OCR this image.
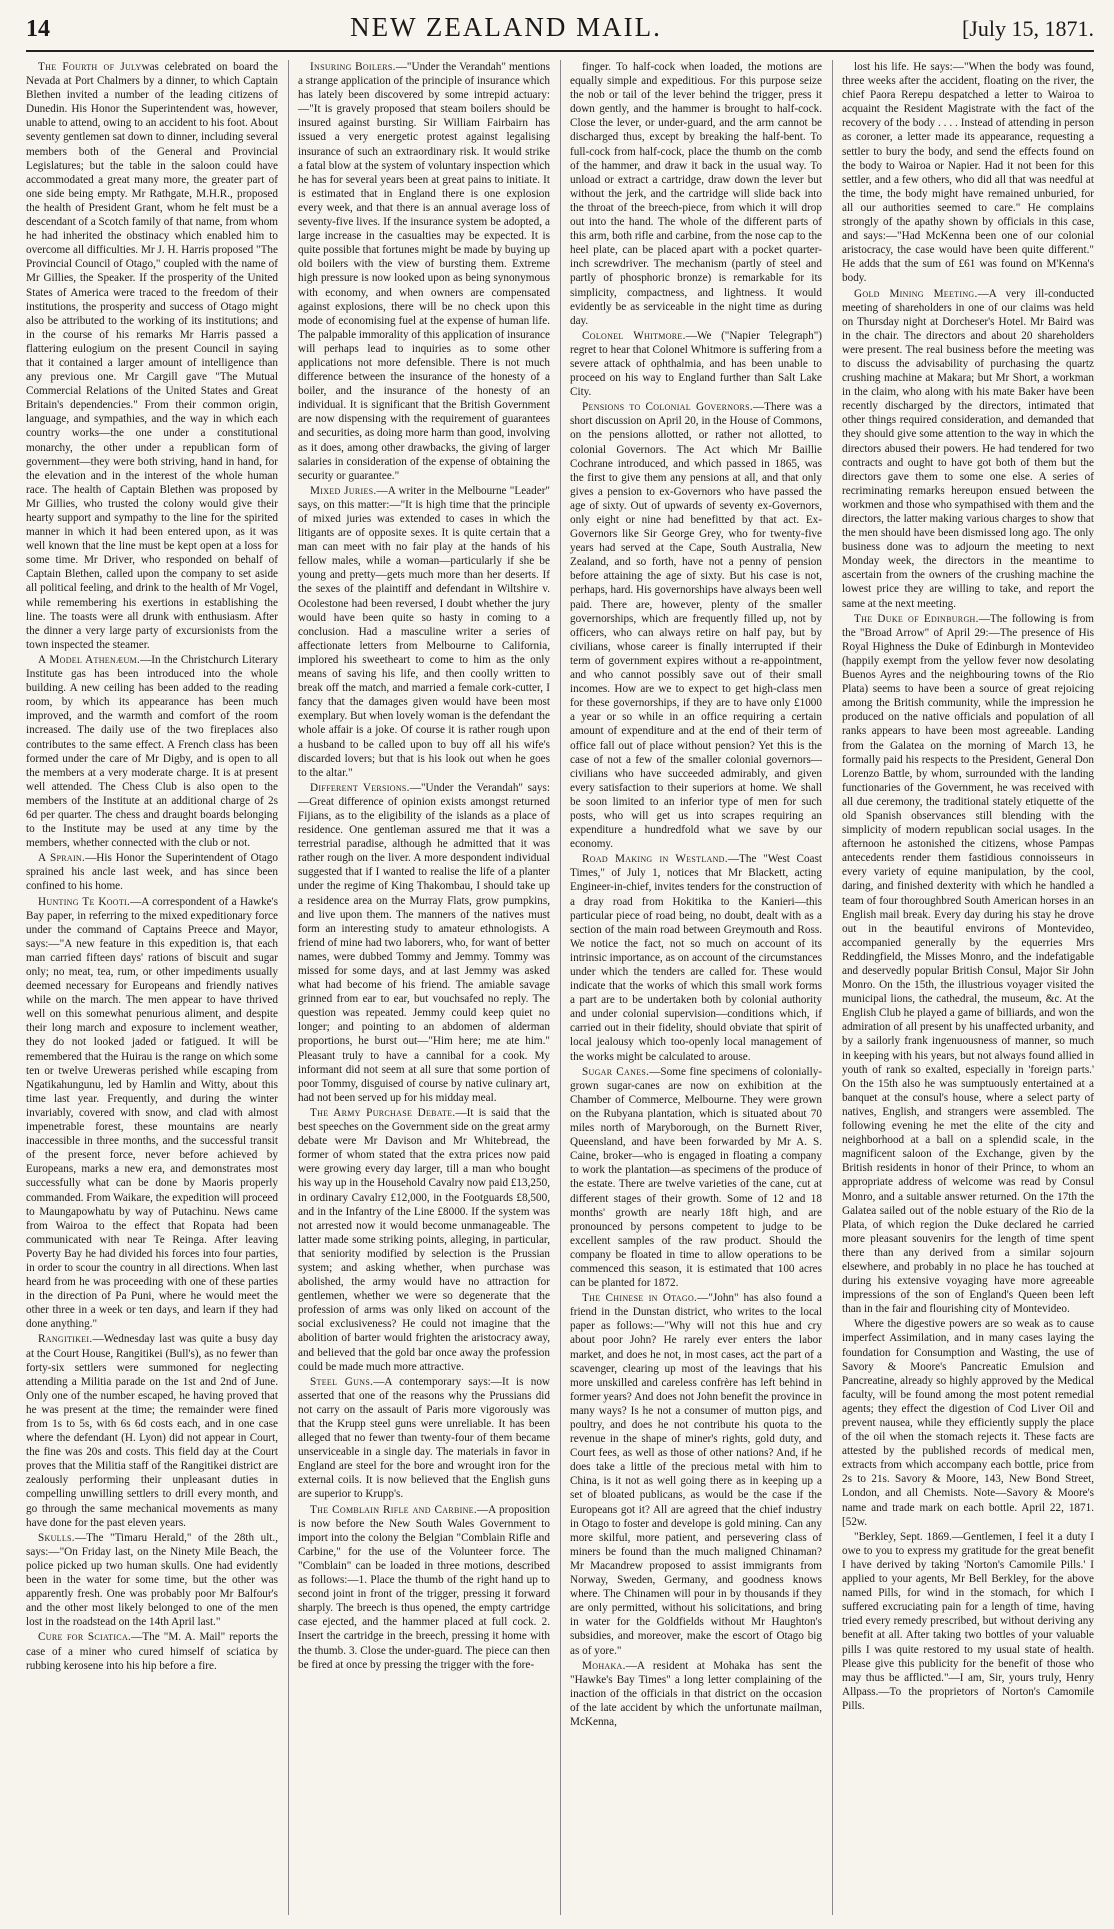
14	NEW ZEALAND MAIL.	[July 15, 1871.

The Fourth of Julywas celebrated on board the Nevada at Port Chalmers by a dinner, to which Captain Blethen invited a number of the leading citizens of Dunedin. His Honor the Superintendent was, however, unable to attend, owing to an accident to his foot. About seventy gentlemen sat down to dinner, including several members both of the General and Provincial Legislatures; but the table in the saloon could have accommodated a great many more, the greater part of one side being empty. Mr Rathgate, M.H.R., proposed the health of President Grant, whom he felt must be a descendant of a Scotch family of that name, from whom he had inherited the obstinacy which enabled him to overcome all difficulties. Mr J. H. Harris proposed "The Provincial Council of Otago," coupled with the name of Mr Gillies, the Speaker. If the prosperity of the United States of America were traced to the freedom of their institutions, the prosperity and success of Otago might also be attributed to the working of its institutions; and in the course of his remarks Mr Harris passed a flattering eulogium on the present Council in saying that it contained a larger amount of intelligence than any previous one. Mr Cargill gave "The Mutual Commercial Relations of the United States and Great Britain's dependencies." From their common origin, language, and sympathies, and the way in which each country works—the one under a constitutional monarchy, the other under a republican form of government—they were both striving, hand in hand, for the elevation and in the interest of the whole human race. The health of Captain Blethen was proposed by Mr Gillies, who trusted the colony would give their hearty support and sympathy to the line for the spirited manner in which it had been entered upon, as it was well known that the line must be kept open at a loss for some time. Mr Driver, who responded on behalf of Captain Blethen, called upon the company to set aside all political feeling, and drink to the health of Mr Vogel, while remembering his exertions in establishing the line. The toasts were all drunk with enthusiasm. After the dinner a very large party of excursionists from the town inspected the steamer.

A Model Athenæum.—In the Christchurch Literary Institute gas has been introduced into the whole building. A new ceiling has been added to the reading room, by which its appearance has been much improved, and the warmth and comfort of the room increased. The daily use of the two fireplaces also contributes to the same effect. A French class has been formed under the care of Mr Digby, and is open to all the members at a very moderate charge. It is at present well attended. The Chess Club is also open to the members of the Institute at an additional charge of 2s 6d per quarter. The chess and draught boards belonging to the Institute may be used at any time by the members, whether connected with the club or not.

A Sprain.—His Honor the Superintendent of Otago sprained his ancle last week, and has since been confined to his home.

Hunting Te Kooti.—A correspondent of a Hawke's Bay paper, in referring to the mixed expeditionary force under the command of Captains Preece and Mayor, says:—"A new feature in this expedition is, that each man carried fifteen days' rations of biscuit and sugar only; no meat, tea, rum, or other impediments usually deemed necessary for Europeans and friendly natives while on the march. The men appear to have thrived well on this somewhat penurious aliment, and despite their long march and exposure to inclement weather, they do not looked jaded or fatigued. It will be remembered that the Huirau is the range on which some ten or twelve Ureweras perished while escaping from Ngatikahungunu, led by Hamlin and Witty, about this time last year. Frequently, and during the winter invariably, covered with snow, and clad with almost impenetrable forest, these mountains are nearly inaccessible in three months, and the successful transit of the present force, never before achieved by Europeans, marks a new era, and demonstrates most successfully what can be done by Maoris properly commanded. From Waikare, the expedition will proceed to Maungapowhatu by way of Putachinu. News came from Wairoa to the effect that Ropata had been communicated with near Te Reinga. After leaving Poverty Bay he had divided his forces into four parties, in order to scour the country in all directions. When last heard from he was proceeding with one of these parties in the direction of Pa Puni, where he would meet the other three in a week or ten days, and learn if they had done anything."

Rangitikei.—Wednesday last was quite a busy day at the Court House, Rangitikei (Bull's), as no fewer than forty-six settlers were summoned for neglecting attending a Militia parade on the 1st and 2nd of June. Only one of the number escaped, he having proved that he was present at the time; the remainder were fined from 1s to 5s, with 6s 6d costs each, and in one case where the defendant (H. Lyon) did not appear in Court, the fine was 20s and costs. This field day at the Court proves that the Militia staff of the Rangitikei district are zealously performing their unpleasant duties in compelling unwilling settlers to drill every month, and go through the same mechanical movements as many have done for the past eleven years.

Skulls.—The "Timaru Herald," of the 28th ult., says:—"On Friday last, on the Ninety Mile Beach, the police picked up two human skulls. One had evidently been in the water for some time, but the other was apparently fresh. One was probably poor Mr Balfour's and the other most likely belonged to one of the men lost in the roadstead on the 14th April last."

Cure for Sciatica.—The "M. A. Mail" reports the case of a miner who cured himself of sciatica by rubbing kerosene into his hip before a fire.

Insuring Boilers.—"Under the Verandah" mentions a strange application of the principle of insurance which has lately been discovered by some intrepid actuary:—"It is gravely proposed that steam boilers should be insured against bursting. Sir William Fairbairn has issued a very energetic protest against legalising insurance of such an extraordinary risk. It would strike a fatal blow at the system of voluntary inspection which he has for several years been at great pains to initiate. It is estimated that in England there is one explosion every week, and that there is an annual average loss of seventy-five lives. If the insurance system be adopted, a large increase in the casualties may be expected. It is quite possible that fortunes might be made by buying up old boilers with the view of bursting them. Extreme high pressure is now looked upon as being synonymous with economy, and when owners are compensated against explosions, there will be no check upon this mode of economising fuel at the expense of human life. The palpable immorality of this application of insurance will perhaps lead to inquiries as to some other applications not more defensible. There is not much difference between the insurance of the honesty of a boiler, and the insurance of the honesty of an individual. It is significant that the British Government are now dispensing with the requirement of guarantees and securities, as doing more harm than good, involving as it does, among other drawbacks, the giving of larger salaries in consideration of the expense of obtaining the security or guarantee."

Mixed Juries.—A writer in the Melbourne "Leader" says, on this matter:—"It is high time that the principle of mixed juries was extended to cases in which the litigants are of opposite sexes. It is quite certain that a man can meet with no fair play at the hands of his fellow males, while a woman—particularly if she be young and pretty—gets much more than her deserts. If the sexes of the plaintiff and defendant in Wiltshire v. Ocolestone had been reversed, I doubt whether the jury would have been quite so hasty in coming to a conclusion. Had a masculine writer a series of affectionate letters from Melbourne to California, implored his sweetheart to come to him as the only means of saving his life, and then coolly written to break off the match, and married a female cork-cutter, I fancy that the damages given would have been most exemplary. But when lovely woman is the defendant the whole affair is a joke. Of course it is rather rough upon a husband to be called upon to buy off all his wife's discarded lovers; but that is his look out when he goes to the altar."

Different Versions.—"Under the Verandah" says:—Great difference of opinion exists amongst returned Fijians, as to the eligibility of the islands as a place of residence. One gentleman assured me that it was a terrestrial paradise, although he admitted that it was rather rough on the liver. A more despondent individual suggested that if I wanted to realise the life of a planter under the regime of King Thakombau, I should take up a residence area on the Murray Flats, grow pumpkins, and live upon them. The manners of the natives must form an interesting study to amateur ethnologists. A friend of mine had two laborers, who, for want of better names, were dubbed Tommy and Jemmy. Tommy was missed for some days, and at last Jemmy was asked what had become of his friend. The amiable savage grinned from ear to ear, but vouchsafed no reply. The question was repeated. Jemmy could keep quiet no longer; and pointing to an abdomen of alderman proportions, he burst out—"Him here; me ate him." Pleasant truly to have a cannibal for a cook. My informant did not seem at all sure that some portion of poor Tommy, disguised of course by native culinary art, had not been served up for his midday meal.

The Army Purchase Debate.—It is said that the best speeches on the Government side on the great army debate were Mr Davison and Mr Whitebread, the former of whom stated that the extra prices now paid were growing every day larger, till a man who bought his way up in the Household Cavalry now paid £13,250, in ordinary Cavalry £12,000, in the Footguards £8,500, and in the Infantry of the Line £8000. If the system was not arrested now it would become unmanageable. The latter made some striking points, alleging, in particular, that seniority modified by selection is the Prussian system; and asking whether, when purchase was abolished, the army would have no attraction for gentlemen, whether we were so degenerate that the profession of arms was only liked on account of the social exclusiveness? He could not imagine that the abolition of barter would frighten the aristocracy away, and believed that the gold bar once away the profession could be made much more attractive.

Steel Guns.—A contemporary says:—It is now asserted that one of the reasons why the Prussians did not carry on the assault of Paris more vigorously was that the Krupp steel guns were unreliable. It has been alleged that no fewer than twenty-four of them became unserviceable in a single day. The materials in favor in England are steel for the bore and wrought iron for the external coils. It is now believed that the English guns are superior to Krupp's.

The Comblain Rifle and Carbine.—A proposition is now before the New South Wales Government to import into the colony the Belgian "Comblain Rifle and Carbine," for the use of the Volunteer force. The "Comblain" can be loaded in three motions, described as follows:—1. Place the thumb of the right hand up to second joint in front of the trigger, pressing it forward sharply. The breech is thus opened, the empty cartridge case ejected, and the hammer placed at full cock. 2. Insert the cartridge in the breech, pressing it home with the thumb. 3. Close the under-guard. The piece can then be fired at once by pressing the trigger with the fore-

finger. To half-cock when loaded, the motions are equally simple and expeditious. For this purpose seize the nob or tail of the lever behind the trigger, press it down gently, and the hammer is brought to half-cock. Close the lever, or under-guard, and the arm cannot be discharged thus, except by breaking the half-bent. To full-cock from half-cock, place the thumb on the comb of the hammer, and draw it back in the usual way. To unload or extract a cartridge, draw down the lever but without the jerk, and the cartridge will slide back into the throat of the breech-piece, from which it will drop out into the hand. The whole of the different parts of this arm, both rifle and carbine, from the nose cap to the heel plate, can be placed apart with a pocket quarter-inch screwdriver. The mechanism (partly of steel and partly of phosphoric bronze) is remarkable for its simplicity, compactness, and lightness. It would evidently be as serviceable in the night time as during day.

Colonel Whitmore.—We ("Napier Telegraph") regret to hear that Colonel Whitmore is suffering from a severe attack of ophthalmia, and has been unable to proceed on his way to England further than Salt Lake City.

Pensions to Colonial Governors.—There was a short discussion on April 20, in the House of Commons, on the pensions allotted, or rather not allotted, to colonial Governors. The Act which Mr Baillie Cochrane introduced, and which passed in 1865, was the first to give them any pensions at all, and that only gives a pension to ex-Governors who have passed the age of sixty. Out of upwards of seventy ex-Governors, only eight or nine had benefitted by that act. Ex-Governors like Sir George Grey, who for twenty-five years had served at the Cape, South Australia, New Zealand, and so forth, have not a penny of pension before attaining the age of sixty. But his case is not, perhaps, hard. His governorships have always been well paid. There are, however, plenty of the smaller governorships, which are frequently filled up, not by officers, who can always retire on half pay, but by civilians, whose career is finally interrupted if their term of government expires without a re-appointment, and who cannot possibly save out of their small incomes. How are we to expect to get high-class men for these governorships, if they are to have only £1000 a year or so while in an office requiring a certain amount of expenditure and at the end of their term of office fall out of place without pension? Yet this is the case of not a few of the smaller colonial governors—civilians who have succeeded admirably, and given every satisfaction to their superiors at home. We shall be soon limited to an inferior type of men for such posts, who will get us into scrapes requiring an expenditure a hundredfold what we save by our economy.

Road Making in Westland.—The "West Coast Times," of July 1, notices that Mr Blackett, acting Engineer-in-chief, invites tenders for the construction of a dray road from Hokitika to the Kanieri—this particular piece of road being, no doubt, dealt with as a section of the main road between Greymouth and Ross. We notice the fact, not so much on account of its intrinsic importance, as on account of the circumstances under which the tenders are called for. These would indicate that the works of which this small work forms a part are to be undertaken both by colonial authority and under colonial supervision—conditions which, if carried out in their fidelity, should obviate that spirit of local jealousy which too-openly local management of the works might be calculated to arouse.

Sugar Canes.—Some fine specimens of colonially-grown sugar-canes are now on exhibition at the Chamber of Commerce, Melbourne. They were grown on the Rubyana plantation, which is situated about 70 miles north of Maryborough, on the Burnett River, Queensland, and have been forwarded by Mr A. S. Caine, broker—who is engaged in floating a company to work the plantation—as specimens of the produce of the estate. There are twelve varieties of the cane, cut at different stages of their growth. Some of 12 and 18 months' growth are nearly 18ft high, and are pronounced by persons competent to judge to be excellent samples of the raw product. Should the company be floated in time to allow operations to be commenced this season, it is estimated that 100 acres can be planted for 1872.

The Chinese in Otago.—"John" has also found a friend in the Dunstan district, who writes to the local paper as follows:—"Why will not this hue and cry about poor John? He rarely ever enters the labor market, and does he not, in most cases, act the part of a scavenger, clearing up most of the leavings that his more unskilled and careless confrère has left behind in former years? And does not John benefit the province in many ways? Is he not a consumer of mutton pigs, and poultry, and does he not contribute his quota to the revenue in the shape of miner's rights, gold duty, and Court fees, as well as those of other nations? And, if he does take a little of the precious metal with him to China, is it not as well going there as in keeping up a set of bloated publicans, as would be the case if the Europeans got it? All are agreed that the chief industry in Otago to foster and develope is gold mining. Can any more skilful, more patient, and persevering class of miners be found than the much maligned Chinaman? Mr Macandrew proposed to assist immigrants from Norway, Sweden, Germany, and goodness knows where. The Chinamen will pour in by thousands if they are only permitted, without his solicitations, and bring in water for the Goldfields without Mr Haughton's subsidies, and moreover, make the escort of Otago big as of yore."

Mohaka.—A resident at Mohaka has sent the "Hawke's Bay Times" a long letter complaining of the inaction of the officials in that district on the occasion of the late accident by which the unfortunate mailman, McKenna,

lost his life. He says:—"When the body was found, three weeks after the accident, floating on the river, the chief Paora Rerepu despatched a letter to Wairoa to acquaint the Resident Magistrate with the fact of the recovery of the body . . . . Instead of attending in person as coroner, a letter made its appearance, requesting a settler to bury the body, and send the effects found on the body to Wairoa or Napier. Had it not been for this settler, and a few others, who did all that was needful at the time, the body might have remained unburied, for all our authorities seemed to care." He complains strongly of the apathy shown by officials in this case, and says:—"Had McKenna been one of our colonial aristocracy, the case would have been quite different." He adds that the sum of £61 was found on M'Kenna's body.

Gold Mining Meeting.—A very ill-conducted meeting of shareholders in one of our claims was held on Thursday night at Dorcheser's Hotel. Mr Baird was in the chair. The directors and about 20 shareholders were present. The real business before the meeting was to discuss the advisability of purchasing the quartz crushing machine at Makara; but Mr Short, a workman in the claim, who along with his mate Baker have been recently discharged by the directors, intimated that other things required consideration, and demanded that they should give some attention to the way in which the directors abused their powers. He had tendered for two contracts and ought to have got both of them but the directors gave them to some one else. A series of recriminating remarks hereupon ensued between the workmen and those who sympathised with them and the directors, the latter making various charges to show that the men should have been dismissed long ago. The only business done was to adjourn the meeting to next Monday week, the directors in the meantime to ascertain from the owners of the crushing machine the lowest price they are willing to take, and report the same at the next meeting.

The Duke of Edinburgh.—The following is from the "Broad Arrow" of April 29:—The presence of His Royal Highness the Duke of Edinburgh in Montevideo (happily exempt from the yellow fever now desolating Buenos Ayres and the neighbouring towns of the Rio Plata) seems to have been a source of great rejoicing among the British community, while the impression he produced on the native officials and population of all ranks appears to have been most agreeable. Landing from the Galatea on the morning of March 13, he formally paid his respects to the President, General Don Lorenzo Battle, by whom, surrounded with the landing functionaries of the Government, he was received with all due ceremony, the traditional stately etiquette of the old Spanish observances still blending with the simplicity of modern republican social usages. In the afternoon he astonished the citizens, whose Pampas antecedents render them fastidious connoisseurs in every variety of equine manipulation, by the cool, daring, and finished dexterity with which he handled a team of four thoroughbred South American horses in an English mail break. Every day during his stay he drove out in the beautiful environs of Montevideo, accompanied generally by the equerries Mrs Reddingfield, the Misses Monro, and the indefatigable and deservedly popular British Consul, Major Sir John Monro. On the 15th, the illustrious voyager visited the municipal lions, the cathedral, the museum, &c. At the English Club he played a game of billiards, and won the admiration of all present by his unaffected urbanity, and by a sailorly frank ingenuousness of manner, so much in keeping with his years, but not always found allied in youth of rank so exalted, especially in 'foreign parts.' On the 15th also he was sumptuously entertained at a banquet at the consul's house, where a select party of natives, English, and strangers were assembled. The following evening he met the elite of the city and neighborhood at a ball on a splendid scale, in the magnificent saloon of the Exchange, given by the British residents in honor of their Prince, to whom an appropriate address of welcome was read by Consul Monro, and a suitable answer returned. On the 17th the Galatea sailed out of the noble estuary of the Rio de la Plata, of which region the Duke declared he carried more pleasant souvenirs for the length of time spent there than any derived from a similar sojourn elsewhere, and probably in no place he has touched at during his extensive voyaging have more agreeable impressions of the son of England's Queen been left than in the fair and flourishing city of Montevideo.

Where the digestive powers are so weak as to cause imperfect Assimilation, and in many cases laying the foundation for Consumption and Wasting, the use of Savory & Moore's Pancreatic Emulsion and Pancreatine, already so highly approved by the Medical faculty, will be found among the most potent remedial agents; they effect the digestion of Cod Liver Oil and prevent nausea, while they efficiently supply the place of the oil when the stomach rejects it. These facts are attested by the published records of medical men, extracts from which accompany each bottle, price from 2s to 21s. Savory & Moore, 143, New Bond Street, London, and all Chemists. Note—Savory & Moore's name and trade mark on each bottle. April 22, 1871. [52w.

"Berkley, Sept. 1869.—Gentlemen, I feel it a duty I owe to you to express my gratitude for the great benefit I have derived by taking 'Norton's Camomile Pills.' I applied to your agents, Mr Bell Berkley, for the above named Pills, for wind in the stomach, for which I suffered excruciating pain for a length of time, having tried every remedy prescribed, but without deriving any benefit at all. After taking two bottles of your valuable pills I was quite restored to my usual state of health. Please give this publicity for the benefit of those who may thus be afflicted."—I am, Sir, yours truly, Henry Allpass.—To the proprietors of Norton's Camomile Pills.
